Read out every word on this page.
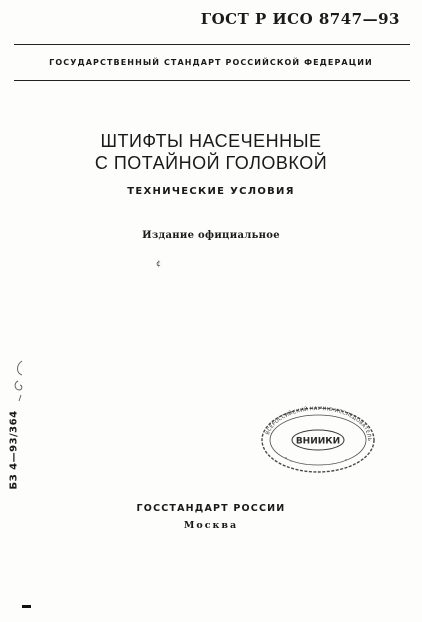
ГОСТ Р ИСО 8747—93
ГОСУДАРСТВЕННЫЙ СТАНДАРТ РОССИЙСКОЙ ФЕДЕРАЦИИ
ШТИФТЫ НАСЕЧЕННЫЕ
С ПОТАЙНОЙ ГОЛОВКОЙ
ТЕХНИЧЕСКИЕ УСЛОВИЯ
Издание официальное
¢
БЗ 4—93/364	ВСЕРОССИЙСКИЙ НАУЧНО-ИССЛЕДОВАТЕЛЬ
ВНИИКИ
ГОССТАНДАРТ РОССИИ
Москва
